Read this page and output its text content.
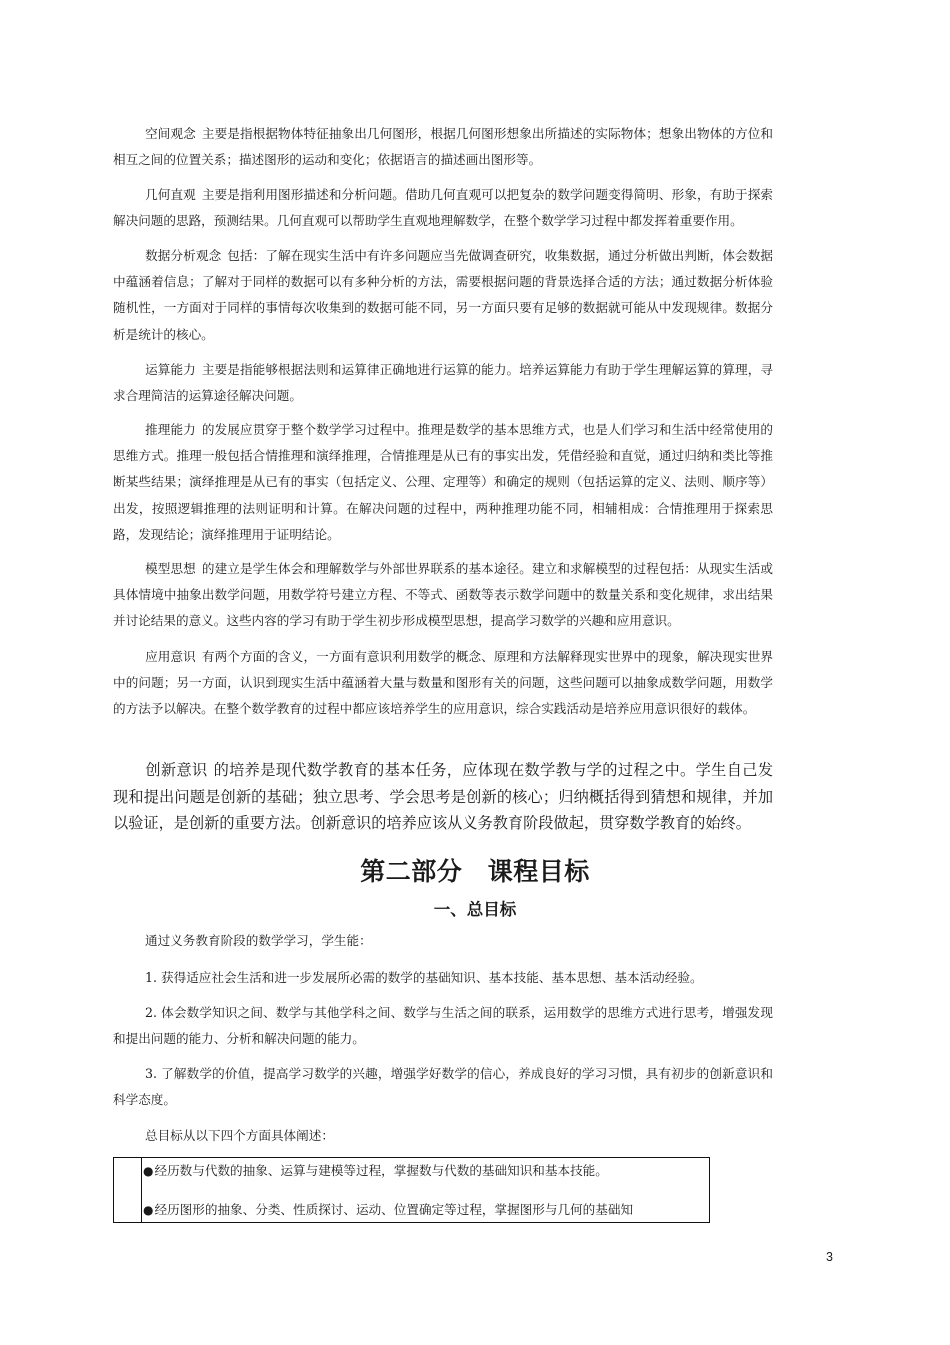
空间观念 主要是指根据物体特征抽象出几何图形，根据几何图形想象出所描述的实际物体；想象出物体的方位和相互之间的位置关系；描述图形的运动和变化；依据语言的描述画出图形等。

几何直观 主要是指利用图形描述和分析问题。借助几何直观可以把复杂的数学问题变得简明、形象，有助于探索解决问题的思路，预测结果。几何直观可以帮助学生直观地理解数学，在整个数学学习过程中都发挥着重要作用。

数据分析观念 包括：了解在现实生活中有许多问题应当先做调查研究，收集数据，通过分析做出判断，体会数据中蕴涵着信息；了解对于同样的数据可以有多种分析的方法，需要根据问题的背景选择合适的方法；通过数据分析体验随机性，一方面对于同样的事情每次收集到的数据可能不同，另一方面只要有足够的数据就可能从中发现规律。数据分析是统计的核心。

运算能力 主要是指能够根据法则和运算律正确地进行运算的能力。培养运算能力有助于学生理解运算的算理，寻求合理简洁的运算途径解决问题。

推理能力 的发展应贯穿于整个数学学习过程中。推理是数学的基本思维方式，也是人们学习和生活中经常使用的思维方式。推理一般包括合情推理和演绎推理，合情推理是从已有的事实出发，凭借经验和直觉，通过归纳和类比等推断某些结果；演绎推理是从已有的事实（包括定义、公理、定理等）和确定的规则（包括运算的定义、法则、顺序等）出发，按照逻辑推理的法则证明和计算。在解决问题的过程中，两种推理功能不同，相辅相成：合情推理用于探索思路，发现结论；演绎推理用于证明结论。

模型思想 的建立是学生体会和理解数学与外部世界联系的基本途径。建立和求解模型的过程包括：从现实生活或具体情境中抽象出数学问题，用数学符号建立方程、不等式、函数等表示数学问题中的数量关系和变化规律，求出结果并讨论结果的意义。这些内容的学习有助于学生初步形成模型思想，提高学习数学的兴趣和应用意识。

应用意识 有两个方面的含义，一方面有意识利用数学的概念、原理和方法解释现实世界中的现象，解决现实世界中的问题；另一方面，认识到现实生活中蕴涵着大量与数量和图形有关的问题，这些问题可以抽象成数学问题，用数学的方法予以解决。在整个数学教育的过程中都应该培养学生的应用意识，综合实践活动是培养应用意识很好的载体。

创新意识 的培养是现代数学教育的基本任务，应体现在数学教与学的过程之中。学生自己发现和提出问题是创新的基础；独立思考、学会思考是创新的核心；归纳概括得到猜想和规律，并加以验证，是创新的重要方法。创新意识的培养应该从义务教育阶段做起，贯穿数学教育的始终。

第二部分　课程目标
一、总目标

通过义务教育阶段的数学学习，学生能：

1. 获得适应社会生活和进一步发展所必需的数学的基础知识、基本技能、基本思想、基本活动经验。

2. 体会数学知识之间、数学与其他学科之间、数学与生活之间的联系，运用数学的思维方式进行思考，增强发现和提出问题的能力、分析和解决问题的能力。

3. 了解数学的价值，提高学习数学的兴趣，增强学好数学的信心，养成良好的学习习惯，具有初步的创新意识和科学态度。

总目标从以下四个方面具体阐述：

●经历数与代数的抽象、运算与建模等过程，掌握数与代数的基础知识和基本技能。
●经历图形的抽象、分类、性质探讨、运动、位置确定等过程，掌握图形与几何的基础知
3
